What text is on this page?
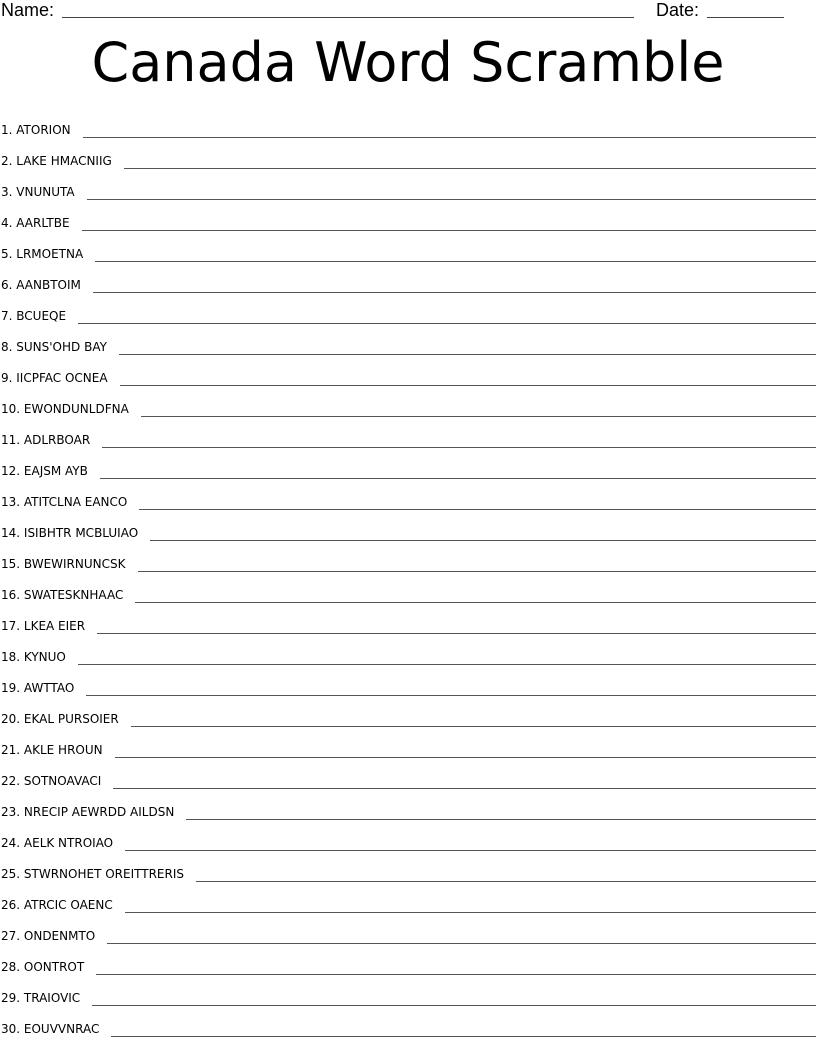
Name:	Date:
Canada Word Scramble
1. ATORION
2. LAKE HMACNIIG
3. VNUNUTA
4. AARLTBE
5. LRMOETNA
6. AANBTOIM
7. BCUEQE
8. SUNS'OHD BAY
9. IICPFAC OCNEA
10. EWONDUNLDFNA
11. ADLRBOAR
12. EAJSM AYB
13. ATITCLNA EANCO
14. ISIBHTR MCBLUIAO
15. BWEWIRNUNCSK
16. SWATESKNHAAC
17. LKEA EIER
18. KYNUO
19. AWTTAO
20. EKAL PURSOIER
21. AKLE HROUN
22. SOTNOAVACI
23. NRECIP AEWRDD AILDSN
24. AELK NTROIAO
25. STWRNOHET OREITTRERIS
26. ATRCIC OAENC
27. ONDENMTO
28. OONTROT
29. TRAIOVIC
30. EOUVVNRAC
